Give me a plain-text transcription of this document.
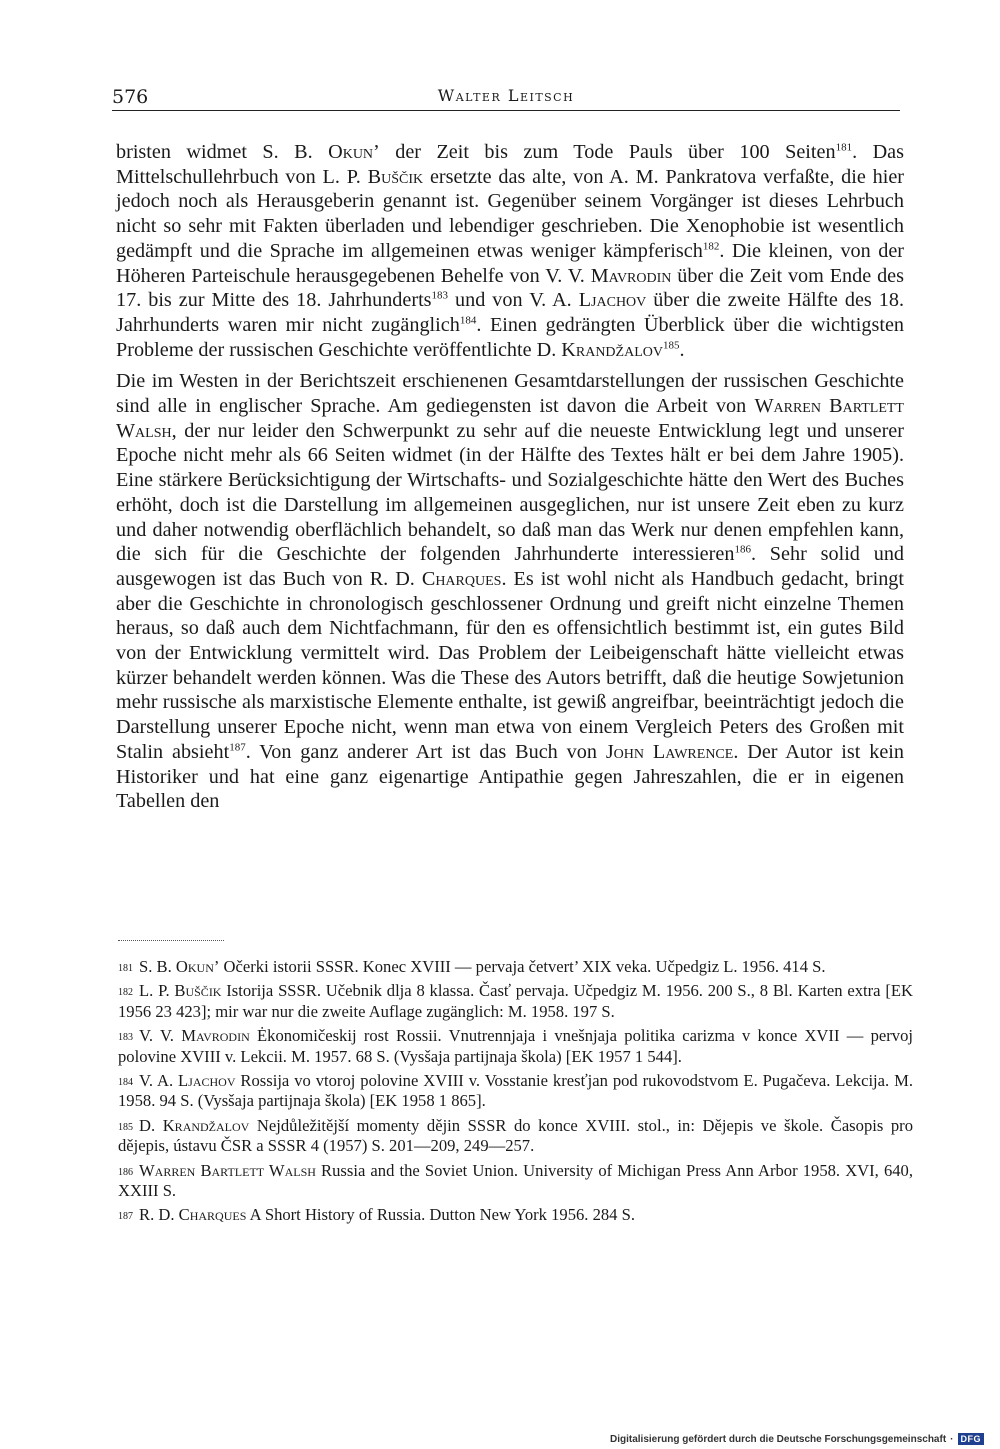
576	Walter Leitsch

bristen widmet S. B. Okun’ der Zeit bis zum Tode Pauls über 100 Seiten$^{181}$. Das Mittelschullehrbuch von L. P. Buščik ersetzte das alte, von A. M. Pankratova verfaßte, die hier jedoch noch als Herausgeberin genannt ist. Gegenüber seinem Vorgänger ist dieses Lehrbuch nicht so sehr mit Fakten überladen und lebendiger geschrieben. Die Xenophobie ist wesentlich gedämpft und die Sprache im allgemeinen etwas weniger kämpferisch$^{182}$. Die kleinen, von der Höheren Parteischule herausgegebenen Behelfe von V. V. Mavrodin über die Zeit vom Ende des 17. bis zur Mitte des 18. Jahrhunderts$^{183}$ und von V. A. Ljachov über die zweite Hälfte des 18. Jahrhunderts waren mir nicht zugänglich$^{184}$. Einen gedrängten Überblick über die wichtigsten Probleme der russischen Geschichte veröffentlichte D. Krandžalov$^{185}$.

Die im Westen in der Berichtszeit erschienenen Gesamtdarstellungen der russischen Geschichte sind alle in englischer Sprache. Am gediegensten ist davon die Arbeit von Warren Bartlett Walsh, der nur leider den Schwerpunkt zu sehr auf die neueste Entwicklung legt und unserer Epoche nicht mehr als 66 Seiten widmet (in der Hälfte des Textes hält er bei dem Jahre 1905). Eine stärkere Berücksichtigung der Wirtschafts- und Sozialgeschichte hätte den Wert des Buches erhöht, doch ist die Darstellung im allgemeinen ausgeglichen, nur ist unsere Zeit eben zu kurz und daher notwendig oberflächlich behandelt, so daß man das Werk nur denen empfehlen kann, die sich für die Geschichte der folgenden Jahrhunderte interessieren$^{186}$. Sehr solid und ausgewogen ist das Buch von R. D. Charques. Es ist wohl nicht als Handbuch gedacht, bringt aber die Geschichte in chronologisch geschlossener Ordnung und greift nicht einzelne Themen heraus, so daß auch dem Nichtfachmann, für den es offensichtlich bestimmt ist, ein gutes Bild von der Entwicklung vermittelt wird. Das Problem der Leibeigenschaft hätte vielleicht etwas kürzer behandelt werden können. Was die These des Autors betrifft, daß die heutige Sowjetunion mehr russische als marxistische Elemente enthalte, ist gewiß angreifbar, beeinträchtigt jedoch die Darstellung unserer Epoche nicht, wenn man etwa von einem Vergleich Peters des Großen mit Stalin absieht$^{187}$. Von ganz anderer Art ist das Buch von John Lawrence. Der Autor ist kein Historiker und hat eine ganz eigenartige Antipathie gegen Jahreszahlen, die er in eigenen Tabellen den

$^{181}$ S. B. Okun’ Očerki istorii SSSR. Konec XVIII — pervaja četvert’ XIX veka. Učpedgiz L. 1956. 414 S.

$^{182}$ L. P. Buščik Istorija SSSR. Učebnik dlja 8 klassa. Časť pervaja. Učpedgiz M. 1956. 200 S., 8 Bl. Karten extra [EK 1956 23 423]; mir war nur die zweite Auflage zugänglich: M. 1958. 197 S.

$^{183}$ V. V. Mavrodin Ėkonomičeskij rost Rossii. Vnutrennjaja i vnešnjaja politika carizma v konce XVII — pervoj polovine XVIII v. Lekcii. M. 1957. 68 S. (Vysšaja partijnaja škola) [EK 1957 1 544].

$^{184}$ V. A. Ljachov Rossija vo vtoroj polovine XVIII v. Vosstanie kresťjan pod rukovodstvom E. Pugačeva. Lekcija. M. 1958. 94 S. (Vysšaja partijnaja škola) [EK 1958 1 865].

$^{185}$ D. Krandžalov Nejdůležitější momenty dějin SSSR do konce XVIII. stol., in: Dějepis ve škole. Časopis pro dějepis, ústavu ČSR a SSSR 4 (1957) S. 201—209, 249—257.

$^{186}$ Warren Bartlett Walsh Russia and the Soviet Union. University of Michigan Press Ann Arbor 1958. XVI, 640, XXIII S.

$^{187}$ R. D. Charques A Short History of Russia. Dutton New York 1956. 284 S.

Digitalisierung gefördert durch die Deutsche Forschungsgemeinschaft · DFG
